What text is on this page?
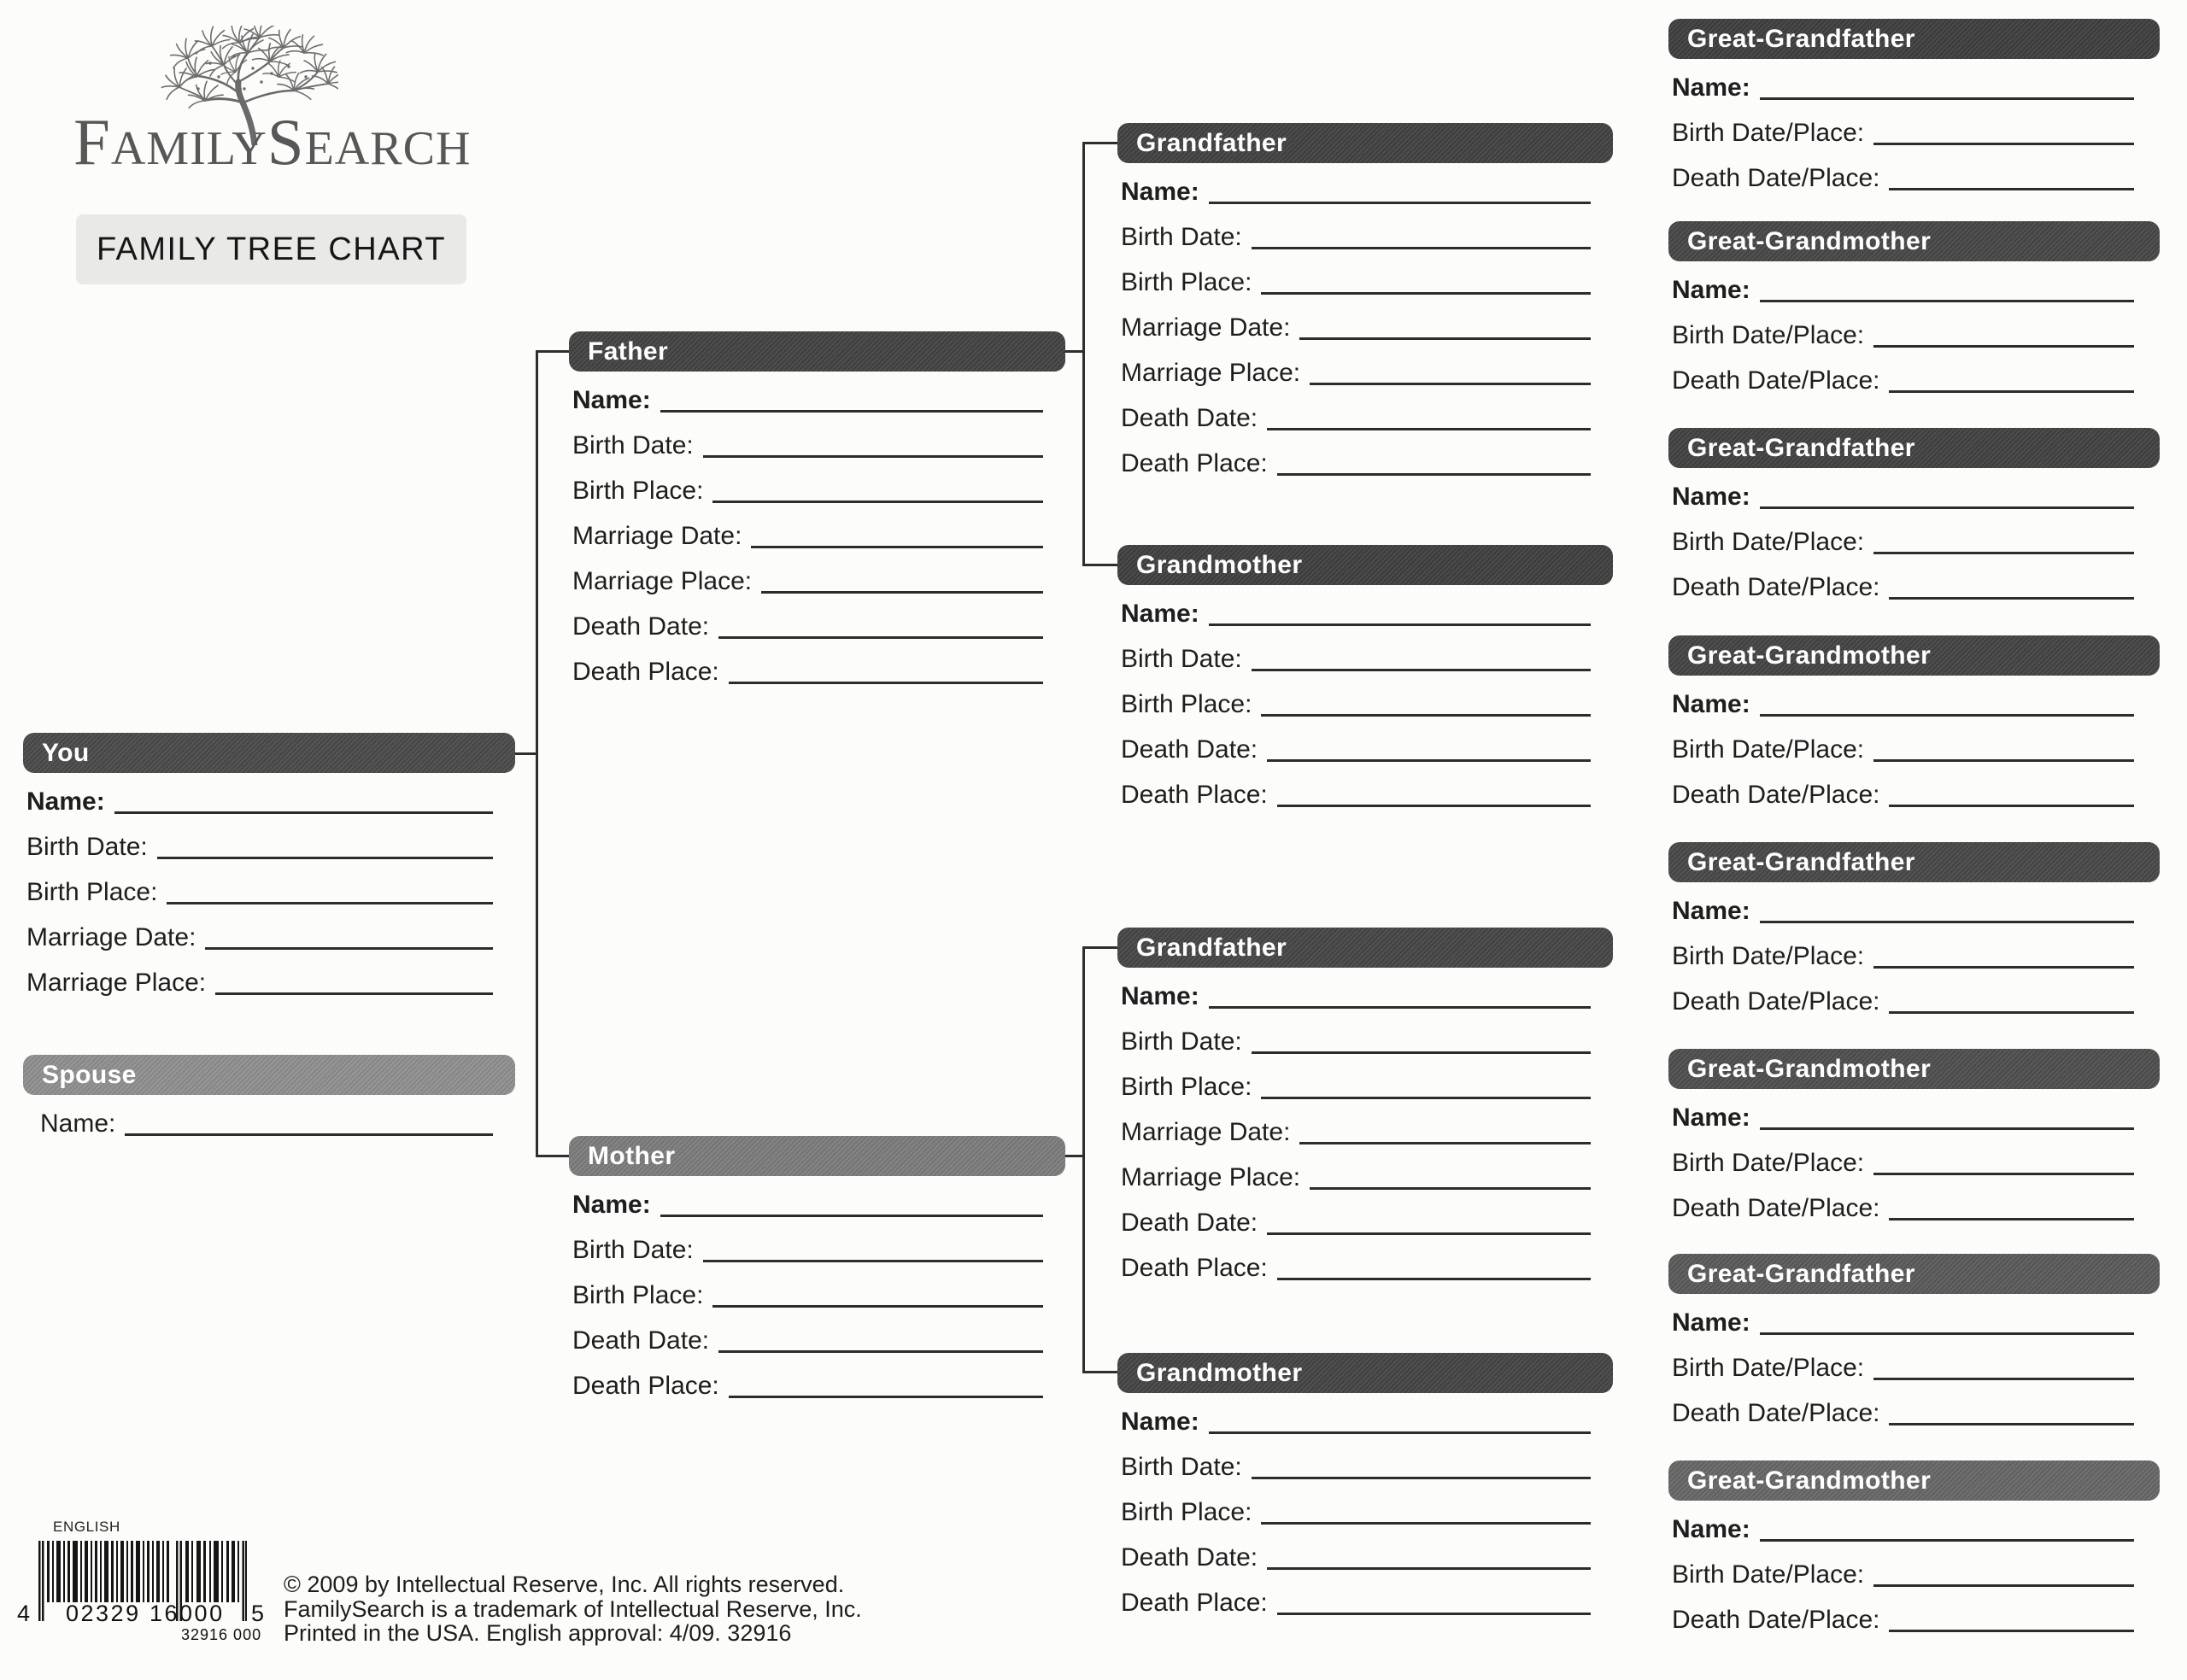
FAMILYSEARCH
FAMILY TREE CHART
You
Name:
Birth Date:
Birth Place:
Marriage Date:
Marriage Place:
Spouse
Name:
Father
Name:
Birth Date:
Birth Place:
Marriage Date:
Marriage Place:
Death Date:
Death Place:
Mother
Name:
Birth Date:
Birth Place:
Death Date:
Death Place:
Grandfather
Name:
Birth Date:
Birth Place:
Marriage Date:
Marriage Place:
Death Date:
Death Place:
Grandmother
Name:
Birth Date:
Birth Place:
Death Date:
Death Place:
Grandfather
Name:
Birth Date:
Birth Place:
Marriage Date:
Marriage Place:
Death Date:
Death Place:
Grandmother
Name:
Birth Date:
Birth Place:
Death Date:
Death Place:
Great-Grandfather
Name:
Birth Date/Place:
Death Date/Place:
Great-Grandmother
Name:
Birth Date/Place:
Death Date/Place:
Great-Grandfather
Name:
Birth Date/Place:
Death Date/Place:
Great-Grandmother
Name:
Birth Date/Place:
Death Date/Place:
Great-Grandfather
Name:
Birth Date/Place:
Death Date/Place:
Great-Grandmother
Name:
Birth Date/Place:
Death Date/Place:
Great-Grandfather
Name:
Birth Date/Place:
Death Date/Place:
Great-Grandmother
Name:
Birth Date/Place:
Death Date/Place:
ENGLISH
4 02329 16000 5
32916 000
© 2009 by Intellectual Reserve, Inc. All rights reserved.
FamilySearch is a trademark of Intellectual Reserve, Inc.
Printed in the USA. English approval: 4/09. 32916
